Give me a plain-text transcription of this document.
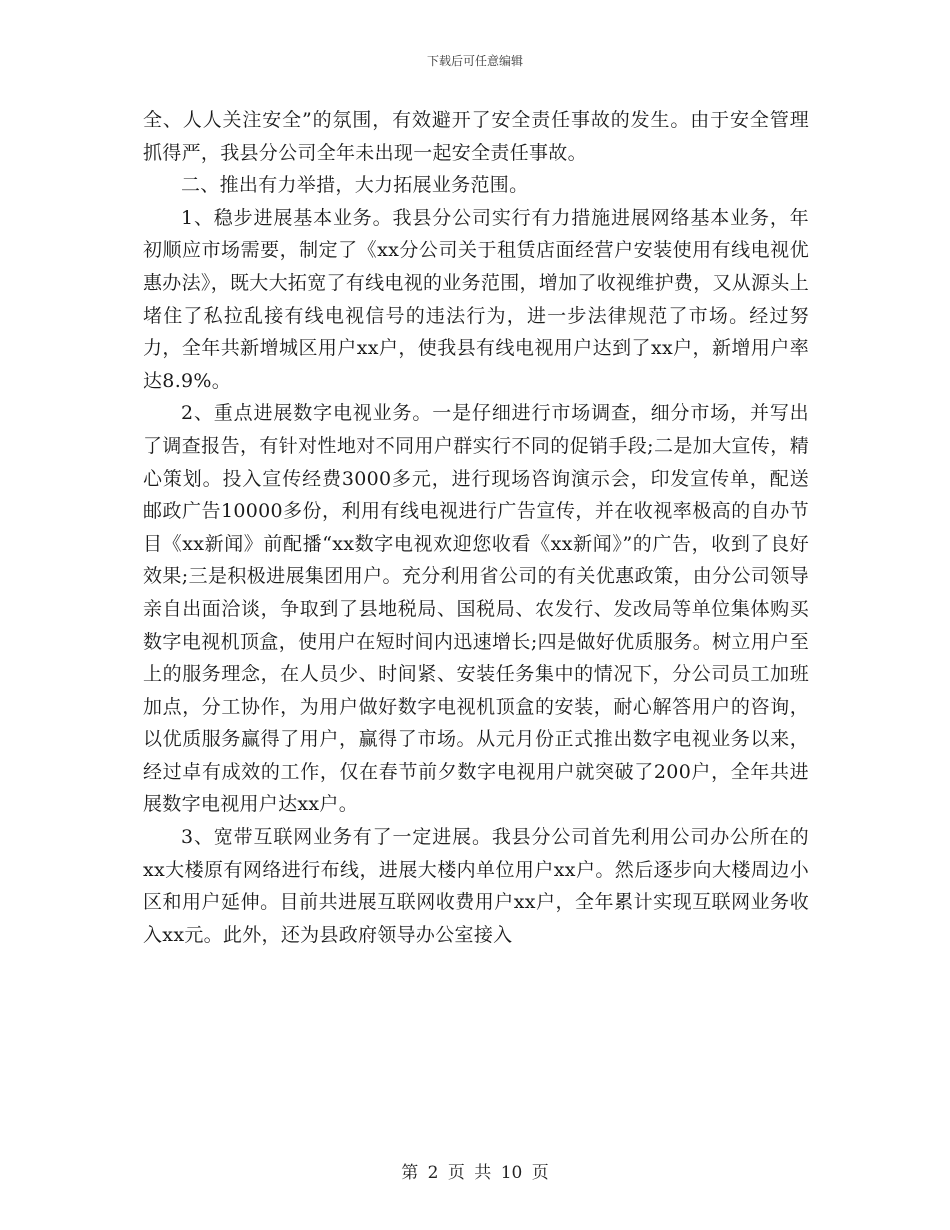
下载后可任意编辑

全、人人关注安全”的氛围，有效避开了安全责任事故的发生。由于安全管理抓得严，我县分公司全年未出现一起安全责任事故。

二、推出有力举措，大力拓展业务范围。

1、稳步进展基本业务。我县分公司实行有力措施进展网络基本业务，年初顺应市场需要，制定了《xx分公司关于租赁店面经营户安装使用有线电视优惠办法》，既大大拓宽了有线电视的业务范围，增加了收视维护费，又从源头上堵住了私拉乱接有线电视信号的违法行为，进一步法律规范了市场。经过努力，全年共新增城区用户xx户，使我县有线电视用户达到了xx户，新增用户率达8.9%。

2、重点进展数字电视业务。一是仔细进行市场调查，细分市场，并写出了调查报告，有针对性地对不同用户群实行不同的促销手段;二是加大宣传，精心策划。投入宣传经费3000多元，进行现场咨询演示会，印发宣传单，配送邮政广告10000多份，利用有线电视进行广告宣传，并在收视率极高的自办节目《xx新闻》前配播“xx数字电视欢迎您收看《xx新闻》”的广告，收到了良好效果;三是积极进展集团用户。充分利用省公司的有关优惠政策，由分公司领导亲自出面洽谈，争取到了县地税局、国税局、农发行、发改局等单位集体购买数字电视机顶盒，使用户在短时间内迅速增长;四是做好优质服务。树立用户至上的服务理念，在人员少、时间紧、安装任务集中的情况下，分公司员工加班加点，分工协作，为用户做好数字电视机顶盒的安装，耐心解答用户的咨询，以优质服务赢得了用户，赢得了市场。从元月份正式推出数字电视业务以来，经过卓有成效的工作，仅在春节前夕数字电视用户就突破了200户，全年共进展数字电视用户达xx户。

3、宽带互联网业务有了一定进展。我县分公司首先利用公司办公所在的xx大楼原有网络进行布线，进展大楼内单位用户xx户。然后逐步向大楼周边小区和用户延伸。目前共进展互联网收费用户xx户，全年累计实现互联网业务收入xx元。此外，还为县政府领导办公室接入

第 2 页 共 10 页
